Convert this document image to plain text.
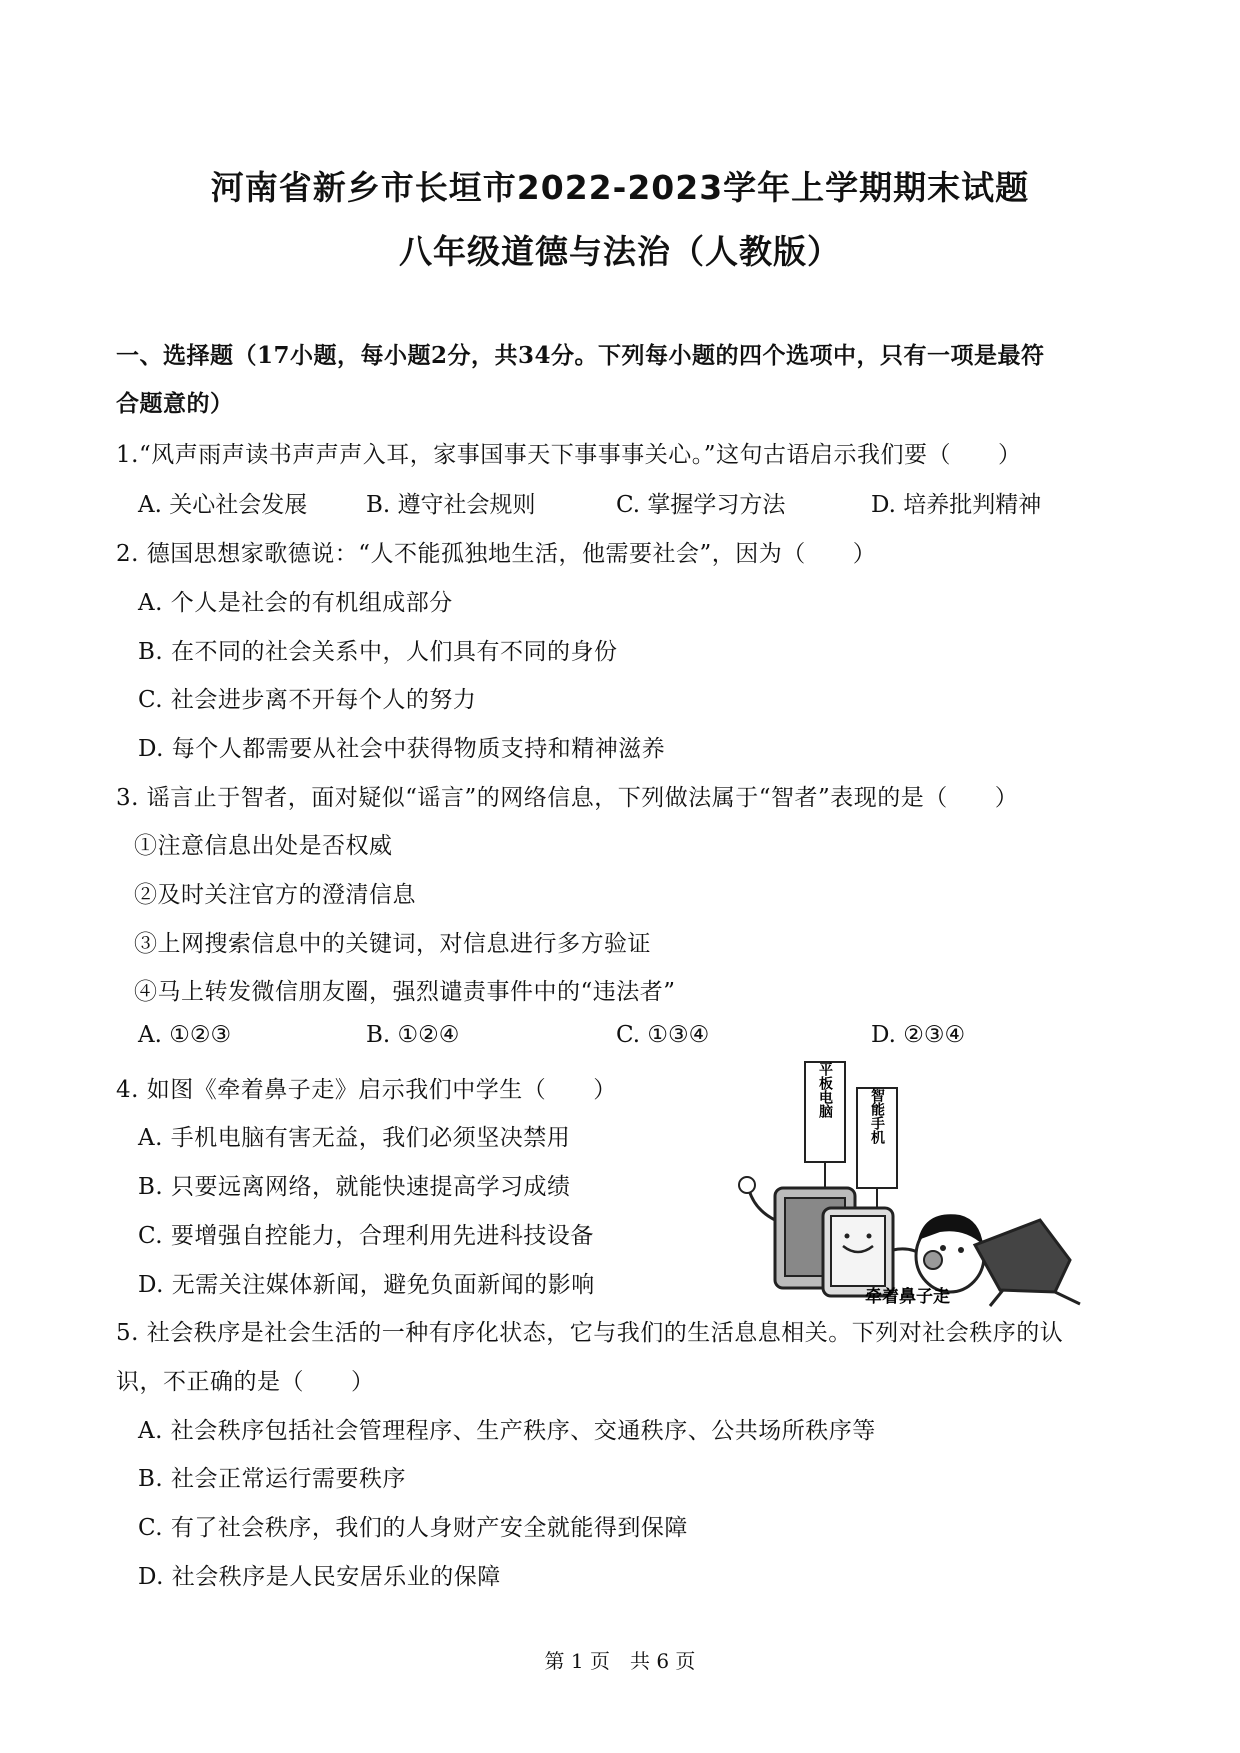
河南省新乡市长垣市2022-2023学年上学期期末试题
八年级道德与法治（人教版）
一、选择题（17小题，每小题2分，共34分。下列每小题的四个选项中，只有一项是最符
合题意的）
1.“风声雨声读书声声声入耳，家事国事天下事事事关心。”这句古语启示我们要（　　）
A. 关心社会发展	B. 遵守社会规则	C. 掌握学习方法	D. 培养批判精神
2. 德国思想家歌德说：“人不能孤独地生活，他需要社会”，因为（　　）
A. 个人是社会的有机组成部分
B. 在不同的社会关系中，人们具有不同的身份
C. 社会进步离不开每个人的努力
D. 每个人都需要从社会中获得物质支持和精神滋养
3. 谣言止于智者，面对疑似“谣言”的网络信息，下列做法属于“智者”表现的是（　　）
①注意信息出处是否权威
②及时关注官方的澄清信息
③上网搜索信息中的关键词，对信息进行多方验证
④马上转发微信朋友圈，强烈谴责事件中的“违法者”
A. ①②③	B. ①②④	C. ①③④	D. ②③④
4. 如图《牵着鼻子走》启示我们中学生（　　）
A. 手机电脑有害无益，我们必须坚决禁用
B. 只要远离网络，就能快速提高学习成绩
C. 要增强自控能力，合理利用先进科技设备
D. 无需关注媒体新闻，避免负面新闻的影响
平板电脑	智能手机
牵着鼻子走
5. 社会秩序是社会生活的一种有序化状态，它与我们的生活息息相关。下列对社会秩序的认
识，不正确的是（　　）
A. 社会秩序包括社会管理程序、生产秩序、交通秩序、公共场所秩序等
B. 社会正常运行需要秩序
C. 有了社会秩序，我们的人身财产安全就能得到保障
D. 社会秩序是人民安居乐业的保障
第 1 页　共 6 页
